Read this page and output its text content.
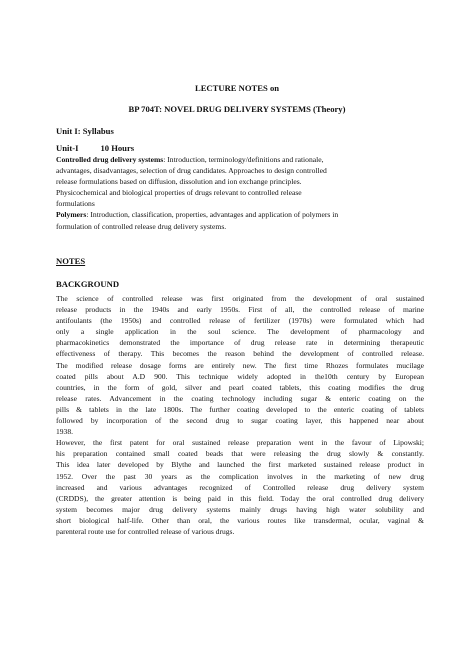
LECTURE NOTES on
BP 704T: NOVEL DRUG DELIVERY SYSTEMS (Theory)
Unit I: Syllabus
Unit-I	10 Hours
Controlled drug delivery systems: Introduction, terminology/definitions and rationale,
advantages, disadvantages, selection of drug candidates. Approaches to design controlled
release formulations based on diffusion, dissolution and ion exchange principles.
Physicochemical and biological properties of drugs relevant to controlled release
formulations
Polymers: Introduction, classification, properties, advantages and application of polymers in
formulation of controlled release drug delivery systems.
NOTES
BACKGROUND
The science of controlled release was first originated from the development of oral sustained
release products in the 1940s and early 1950s. First of all, the controlled release of marine
antifoulants (the 1950s) and controlled release of fertilizer (1970s) were formulated which had
only a single application in the soul science. The development of pharmacology and
pharmacokinetics demonstrated the importance of drug release rate in determining therapeutic
effectiveness of therapy. This becomes the reason behind the development of controlled release.
The modified release dosage forms are entirely new. The first time Rhozes formulates mucilage
coated pills about A.D 900. This technique widely adopted in the10th century by European
countries, in the form of gold, silver and pearl coated tablets, this coating modifies the drug
release rates. Advancement in the coating technology including sugar & enteric coating on the
pills & tablets in the late 1800s. The further coating developed to the enteric coating of tablets
followed by incorporation of the second drug to sugar coating layer, this happened near about
1938.
However, the first patent for oral sustained release preparation went in the favour of Lipowski;
his preparation contained small coated beads that were releasing the drug slowly & constantly.
This idea later developed by Blythe and launched the first marketed sustained release product in
1952. Over the past 30 years as the complication involves in the marketing of new drug
increased and various advantages recognized of Controlled release drug delivery system
(CRDDS), the greater attention is being paid in this field. Today the oral controlled drug delivery
system becomes major drug delivery systems mainly drugs having high water solubility and
short biological half-life. Other than oral, the various routes like transdermal, ocular, vaginal &
parenteral route use for controlled release of various drugs.
